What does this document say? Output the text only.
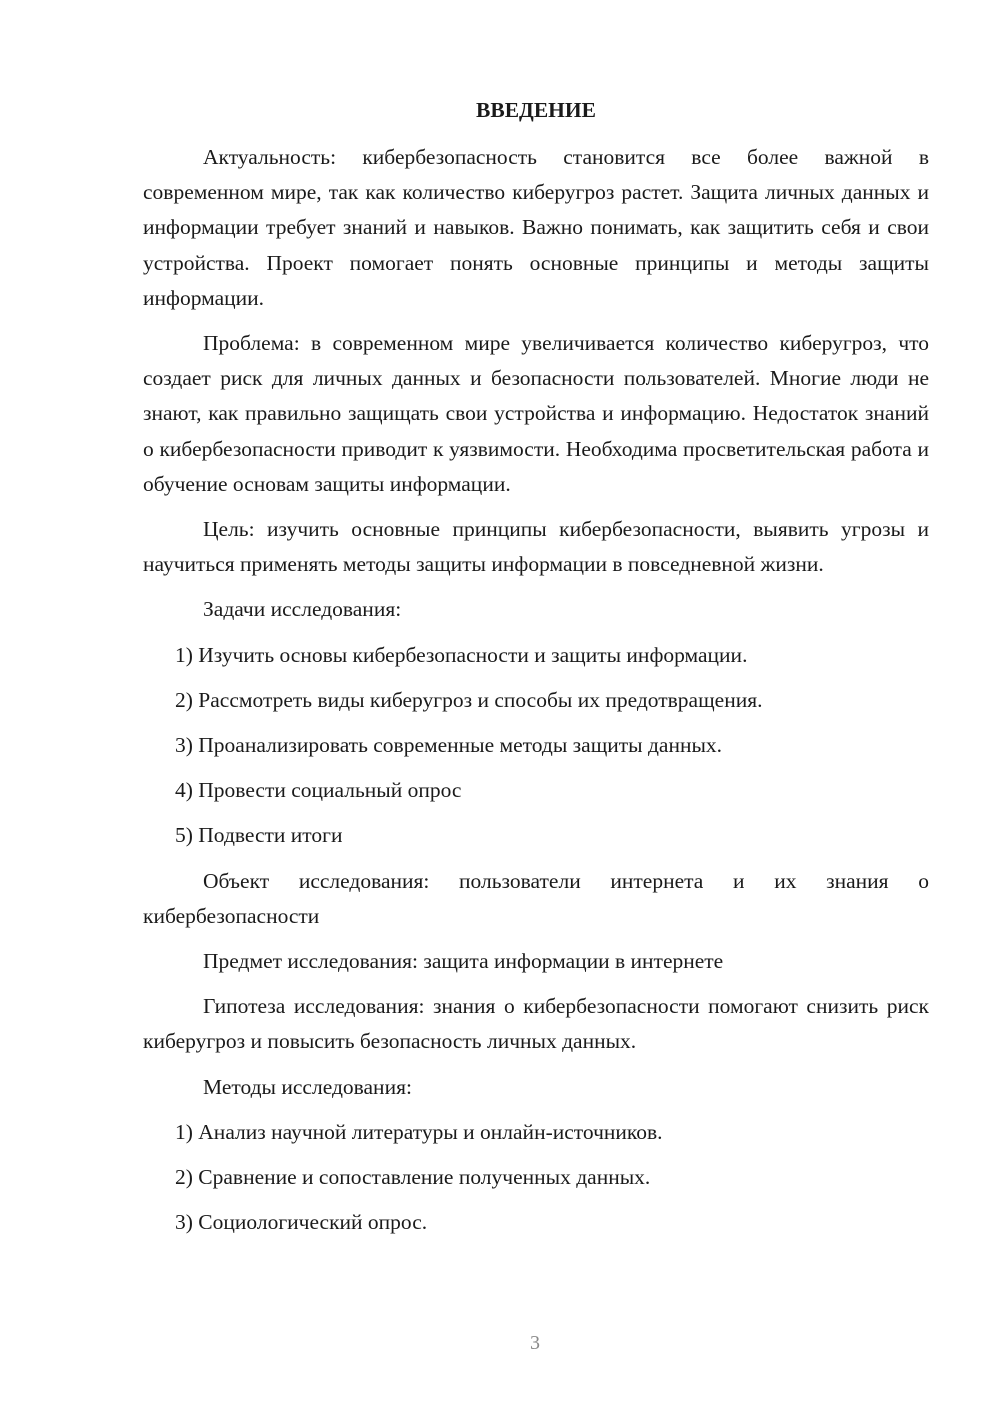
ВВЕДЕНИЕ

Актуальность: кибербезопасность становится все более важной в современном мире, так как количество киберугроз растет. Защита личных данных и информации требует знаний и навыков. Важно понимать, как защитить себя и свои устройства. Проект помогает понять основные принципы и методы защиты информации.

Проблема: в современном мире увеличивается количество киберугроз, что создает риск для личных данных и безопасности пользователей. Многие люди не знают, как правильно защищать свои устройства и информацию. Недостаток знаний о кибербезопасности приводит к уязвимости. Необходима просветительская работа и обучение основам защиты информации.

Цель: изучить основные принципы кибербезопасности, выявить угрозы и научиться применять методы защиты информации в повседневной жизни.

Задачи исследования:

1) Изучить основы кибербезопасности и защиты информации.

2) Рассмотреть виды киберугроз и способы их предотвращения.

3) Проанализировать современные методы защиты данных.

4) Провести социальный опрос

5) Подвести итоги

Объект исследования: пользователи интернета и их знания о кибербезопасности

Предмет исследования: защита информации в интернете

Гипотеза исследования: знания о кибербезопасности помогают снизить риск киберугроз и повысить безопасность личных данных.

Методы исследования:

1) Анализ научной литературы и онлайн-источников.

2) Сравнение и сопоставление полученных данных.

3) Социологический опрос.

3
